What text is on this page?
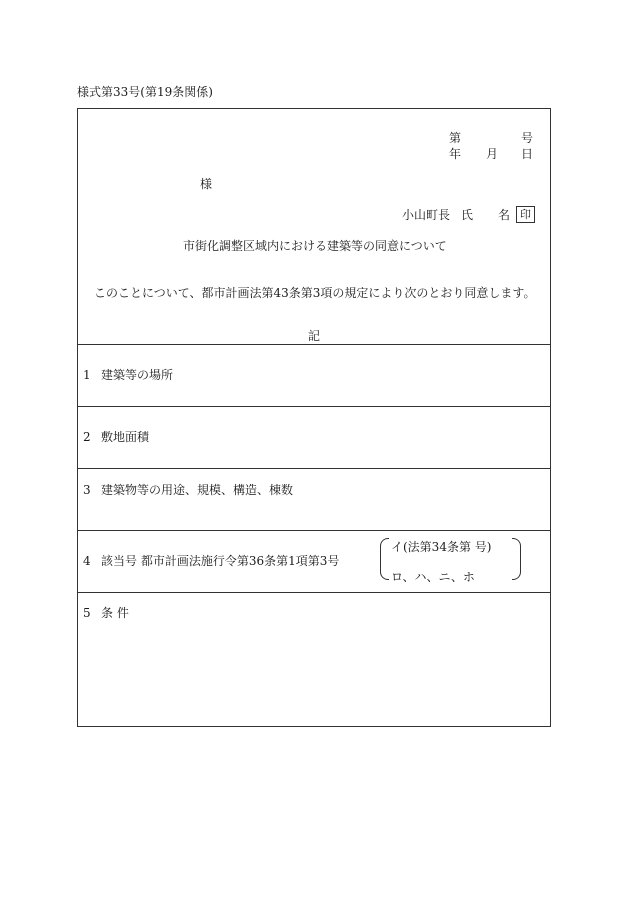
様式第33号(第19条関係)
第	号
年 月 日
様
小山町長 氏 名 印
市街化調整区域内における建築等の同意について
このことについて、都市計画法第43条第3項の規定により次のとおり同意します。
記
1 建築等の場所
2 敷地面積
3 建築物等の用途、規模、構造、棟数
4 該当号 都市計画法施行令第36条第1項第3号
イ(法第34条第 号)
ロ、ハ、ニ、ホ
5 条 件
